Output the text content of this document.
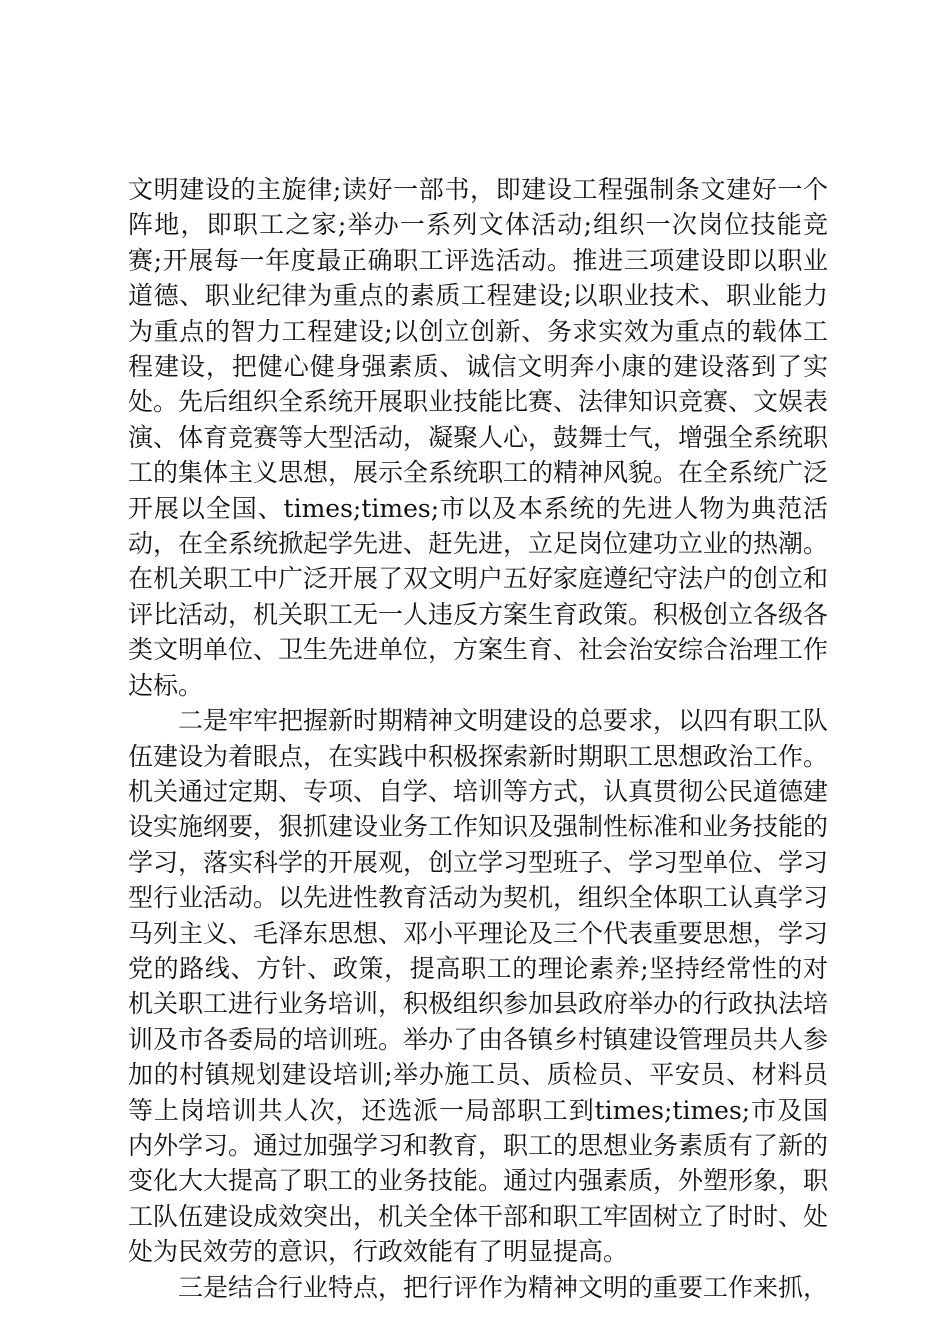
文明建设的主旋律;读好一部书，即建设工程强制条文建好一个阵地，即职工之家;举办一系列文体活动;组织一次岗位技能竞赛;开展每一年度最正确职工评选活动。推进三项建设即以职业道德、职业纪律为重点的素质工程建设;以职业技术、职业能力为重点的智力工程建设;以创立创新、务求实效为重点的载体工程建设，把健心健身强素质、诚信文明奔小康的建设落到了实处。先后组织全系统开展职业技能比赛、法律知识竞赛、文娱表演、体育竞赛等大型活动，凝聚人心，鼓舞士气，增强全系统职工的集体主义思想，展示全系统职工的精神风貌。在全系统广泛开展以全国、times;times;市以及本系统的先进人物为典范活动，在全系统掀起学先进、赶先进，立足岗位建功立业的热潮。在机关职工中广泛开展了双文明户五好家庭遵纪守法户的创立和评比活动，机关职工无一人违反方案生育政策。积极创立各级各类文明单位、卫生先进单位，方案生育、社会治安综合治理工作达标。

二是牢牢把握新时期精神文明建设的总要求，以四有职工队伍建设为着眼点，在实践中积极探索新时期职工思想政治工作。机关通过定期、专项、自学、培训等方式，认真贯彻公民道德建设实施纲要，狠抓建设业务工作知识及强制性标准和业务技能的学习，落实科学的开展观，创立学习型班子、学习型单位、学习型行业活动。以先进性教育活动为契机，组织全体职工认真学习马列主义、毛泽东思想、邓小平理论及三个代表重要思想，学习党的路线、方针、政策，提高职工的理论素养;坚持经常性的对机关职工进行业务培训，积极组织参加县政府举办的行政执法培训及市各委局的培训班。举办了由各镇乡村镇建设管理员共人参加的村镇规划建设培训;举办施工员、质检员、平安员、材料员等上岗培训共人次，还选派一局部职工到times;times;市及国内外学习。通过加强学习和教育，职工的思想业务素质有了新的变化大大提高了职工的业务技能。通过内强素质，外塑形象，职工队伍建设成效突出，机关全体干部和职工牢固树立了时时、处处为民效劳的意识，行政效能有了明显提高。

三是结合行业特点，把行评作为精神文明的重要工作来抓，
